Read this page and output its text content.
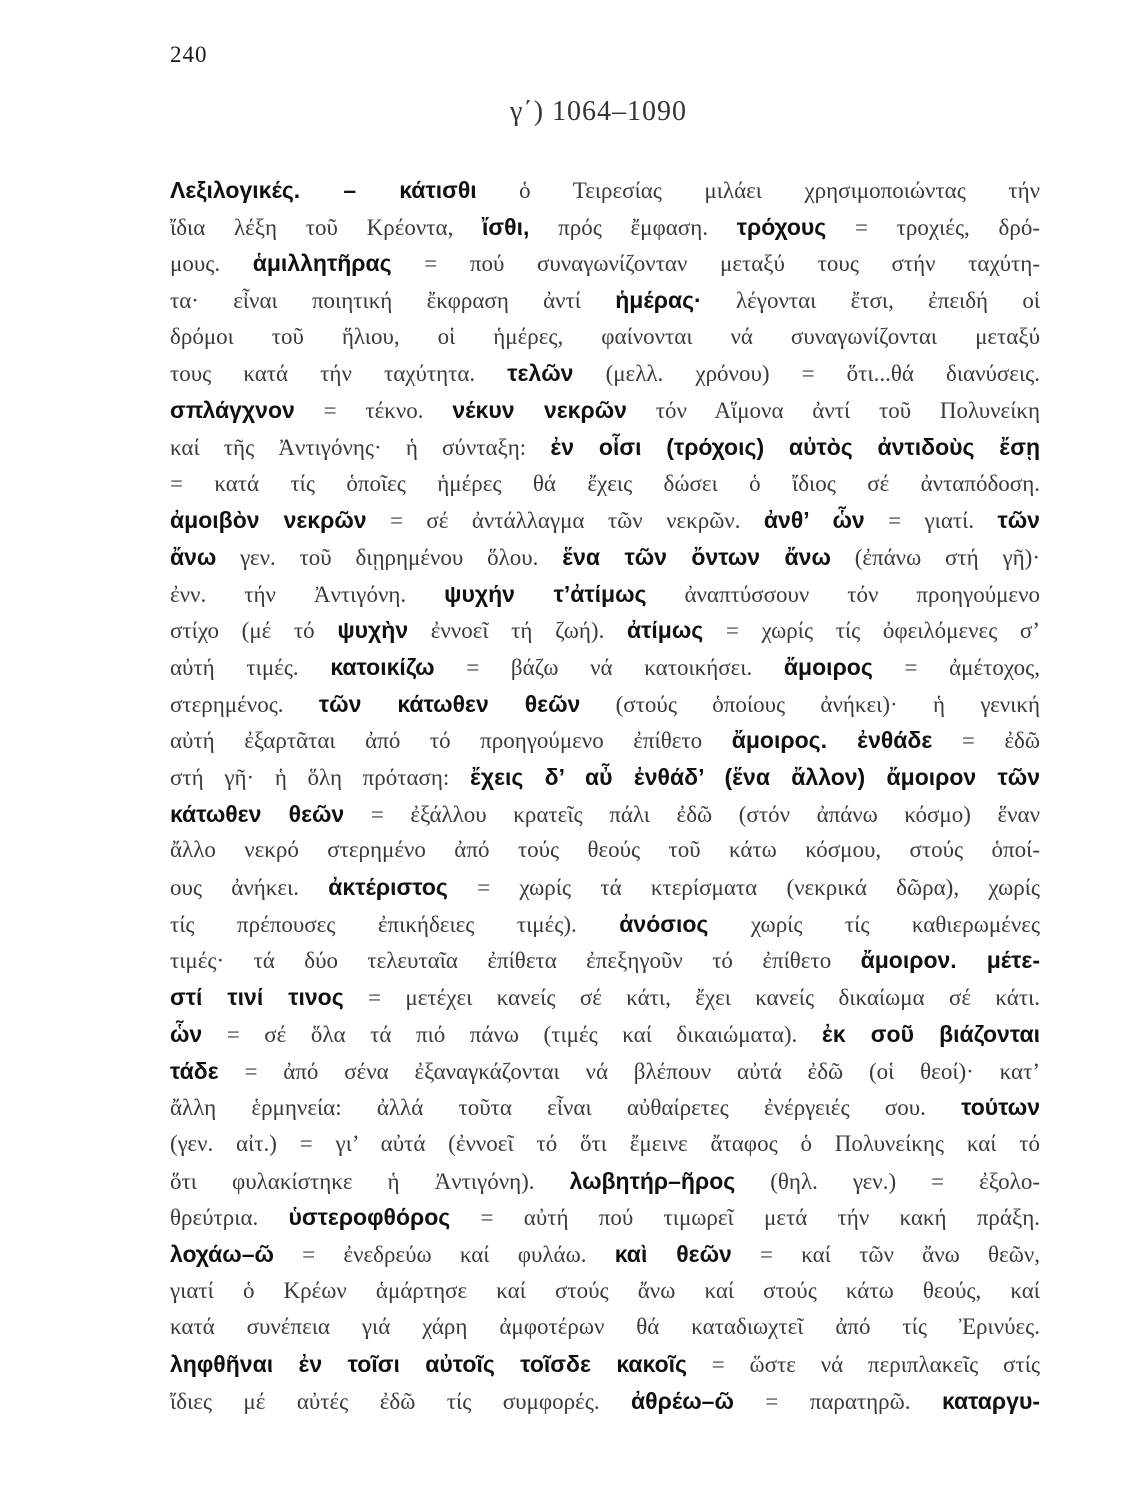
240
γ΄) 1064–1090
Λεξιλογικές. – κάτισθι ὁ Τειρεσίας μιλάει χρησιμοποιώντας τήν
ἴδια λέξη τοῦ Κρέοντα, ἴσθι, πρός ἔμφαση. τρόχους = τροχιές, δρό-
μους. ἁμιλλητῆρας = πού συναγωνίζονταν μεταξύ τους στήν ταχύτη-
τα· εἶναι ποιητική ἔκφραση ἀντί ἡμέρας· λέγονται ἔτσι, ἐπειδή οἱ
δρόμοι τοῦ ἥλιου, οἱ ἡμέρες, φαίνονται νά συναγωνίζονται μεταξύ
τους κατά τήν ταχύτητα. τελῶν (μελλ. χρόνου) = ὅτι...θά διανύσεις.
σπλάγχνον = τέκνο. νέκυν νεκρῶν τόν Αἵμονα ἀντί τοῦ Πολυνείκη
καί τῆς Ἀντιγόνης· ἡ σύνταξη: ἐν οἷσι (τρόχοις) αὐτὸς ἀντιδοὺς ἔσῃ
= κατά τίς ὁποῖες ἡμέρες θά ἔχεις δώσει ὁ ἴδιος σέ ἀνταπόδοση.
ἀμοιβὸν νεκρῶν = σέ ἀντάλλαγμα τῶν νεκρῶν. ἀνθ’ ὧν = γιατί. τῶν
ἄνω γεν. τοῦ διῃρημένου ὅλου. ἕνα τῶν ὄντων ἄνω (ἐπάνω στή γῆ)·
ἐνν. τήν Ἀντιγόνη. ψυχήν τ’ἀτίμως ἀναπτύσσουν τόν προηγούμενο
στίχο (μέ τό ψυχὴν ἐννοεῖ τή ζωή). ἀτίμως = χωρίς τίς ὀφειλόμενες σ’
αὐτή τιμές. κατοικίζω = βάζω νά κατοικήσει. ἄμοιρος = ἀμέτοχος,
στερημένος. τῶν κάτωθεν θεῶν (στούς ὁποίους ἀνήκει)· ἡ γενική
αὐτή ἐξαρτᾶται ἀπό τό προηγούμενο ἐπίθετο ἄμοιρος. ἐνθάδε = ἐδῶ
στή γῆ· ἡ ὅλη πρόταση: ἔχεις δ’ αὖ ἐνθάδ’ (ἕνα ἄλλον) ἄμοιρον τῶν
κάτωθεν θεῶν = ἐξάλλου κρατεῖς πάλι ἐδῶ (στόν ἀπάνω κόσμο) ἕναν
ἄλλο νεκρό στερημένο ἀπό τούς θεούς τοῦ κάτω κόσμου, στούς ὁποί-
ους ἀνήκει. ἀκτέριστος = χωρίς τά κτερίσματα (νεκρικά δῶρα), χωρίς
τίς πρέπουσες ἐπικήδειες τιμές). ἀνόσιος χωρίς τίς καθιερωμένες
τιμές· τά δύο τελευταῖα ἐπίθετα ἐπεξηγοῦν τό ἐπίθετο ἄμοιρον. μέτε-
στί τινί τινος = μετέχει κανείς σέ κάτι, ἔχει κανείς δικαίωμα σέ κάτι.
ὧν = σέ ὅλα τά πιό πάνω (τιμές καί δικαιώματα). ἐκ σοῦ βιάζονται
τάδε = ἀπό σένα ἐξαναγκάζονται νά βλέπουν αὐτά ἐδῶ (οἱ θεοί)· κατ’
ἄλλη ἑρμηνεία: ἀλλά τοῦτα εἶναι αὐθαίρετες ἐνέργειές σου. τούτων
(γεν. αἰτ.) = γι’ αὐτά (ἐννοεῖ τό ὅτι ἔμεινε ἄταφος ὁ Πολυνείκης καί τό
ὅτι φυλακίστηκε ἡ Ἀντιγόνη). λωβητήρ–ῆρος (θηλ. γεν.) = ἐξολο-
θρεύτρια. ὑστεροφθόρος = αὐτή πού τιμωρεῖ μετά τήν κακή πράξη.
λοχάω–ῶ = ἐνεδρεύω καί φυλάω. καὶ θεῶν = καί τῶν ἄνω θεῶν,
γιατί ὁ Κρέων ἁμάρτησε καί στούς ἄνω καί στούς κάτω θεούς, καί
κατά συνέπεια γιά χάρη ἀμφοτέρων θά καταδιωχτεῖ ἀπό τίς Ἐρινύες.
ληφθῆναι ἐν τοῖσι αὐτοῖς τοῖσδε κακοῖς = ὥστε νά περιπλακεῖς στίς
ἴδιες μέ αὐτές ἐδῶ τίς συμφορές. ἀθρέω–ῶ = παρατηρῶ. καταργυ-
